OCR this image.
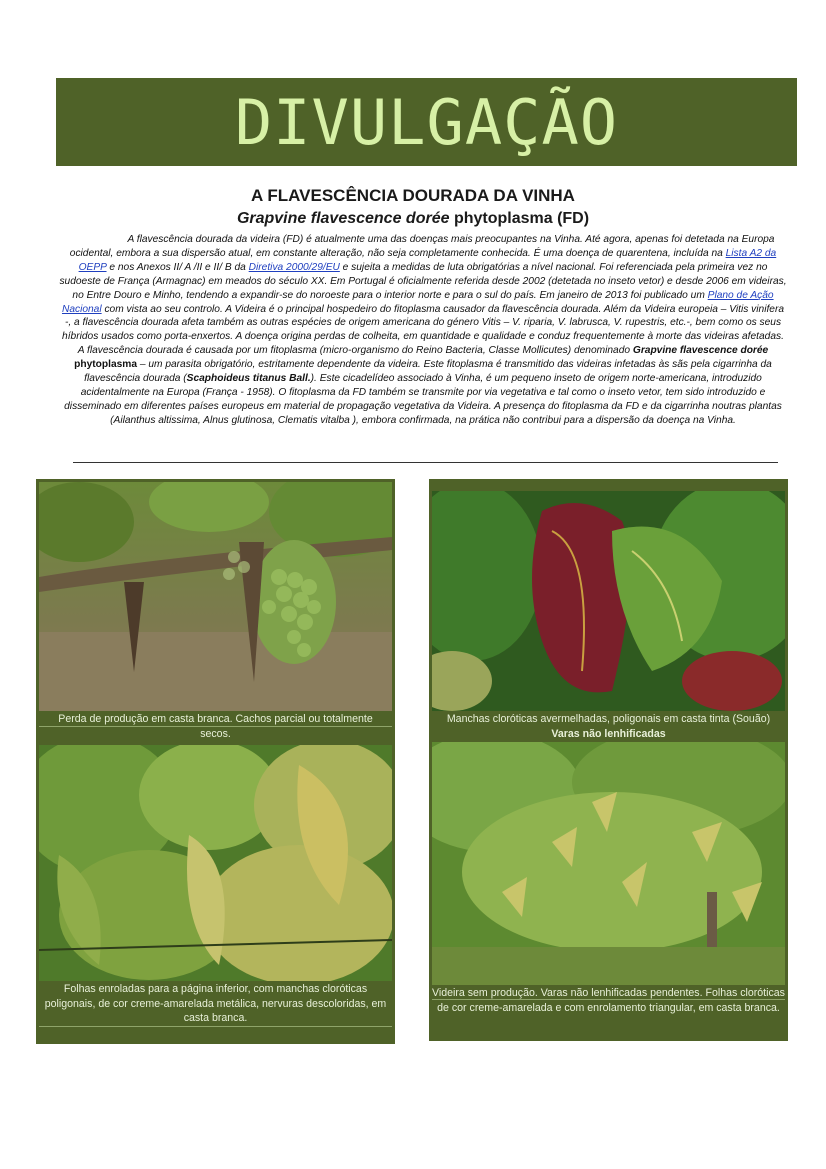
DIVULGAÇÃO
A FLAVESCÊNCIA DOURADA DA VINHA
Grapvine flavescence dorée phytoplasma (FD)
A flavescência dourada da videira (FD) é atualmente uma das doenças mais preocupantes na Vinha. Até agora, apenas foi detetada na Europa ocidental, embora a sua dispersão atual, em constante alteração, não seja completamente conhecida. É uma doença de quarentena, incluída na Lista A2 da OEPP e nos Anexos II/ A /II e II/ B da Diretiva 2000/29/EU e sujeita a medidas de luta obrigatórias a nível nacional. Foi referenciada pela primeira vez no sudoeste de França (Armagnac) em meados do século XX. Em Portugal é oficialmente referida desde 2002 (detetada no inseto vetor) e desde 2006 em videiras, no Entre Douro e Minho, tendendo a expandir-se do noroeste para o interior norte e para o sul do país. Em janeiro de 2013 foi publicado um Plano de Ação Nacional com vista ao seu controlo. A Videira é o principal hospedeiro do fitoplasma causador da flavescência dourada. Além da Videira europeia – Vitis vinifera -, a flavescência dourada afeta também as outras espécies de origem americana do género Vitis – V. riparia, V. labrusca, V. rupestris, etc.-, bem como os seus híbridos usados como porta-enxertos. A doença origina perdas de colheita, em quantidade e qualidade e conduz frequentemente à morte das videiras afetadas. A flavescência dourada é causada por um fitoplasma (micro-organismo do Reino Bacteria, Classe Mollicutes) denominado Grapvine flavescence dorée phytoplasma – um parasita obrigatório, estritamente dependente da videira. Este fitoplasma é transmitido das videiras infetadas às sãs pela cigarrinha da flavescência dourada (Scaphoideus titanus Ball.). Este cicadelídeo associado à Vinha, é um pequeno inseto de origem norte-americana, introduzido acidentalmente na Europa (França - 1958). O fitoplasma da FD também se transmite por via vegetativa e tal como o inseto vetor, tem sido introduzido e disseminado em diferentes países europeus em material de propagação vegetativa da Videira. A presença do fitoplasma da FD e da cigarrinha noutras plantas (Ailanthus altissima, Alnus glutinosa, Clematis vitalba ), embora confirmada, na prática não contribui para a dispersão da doença na Vinha.
Perda de produção em casta branca. Cachos parcial ou totalmente secos.
Folhas enroladas para a página inferior, com manchas cloróticas poligonais, de cor creme-amarelada metálica, nervuras descoloridas, em casta branca.
Manchas cloróticas avermelhadas, poligonais em casta tinta (Souão)
Varas não lenhificadas
Videira sem produção. Varas não lenhificadas pendentes. Folhas cloróticas de cor creme-amarelada e com enrolamento triangular, em casta branca.
